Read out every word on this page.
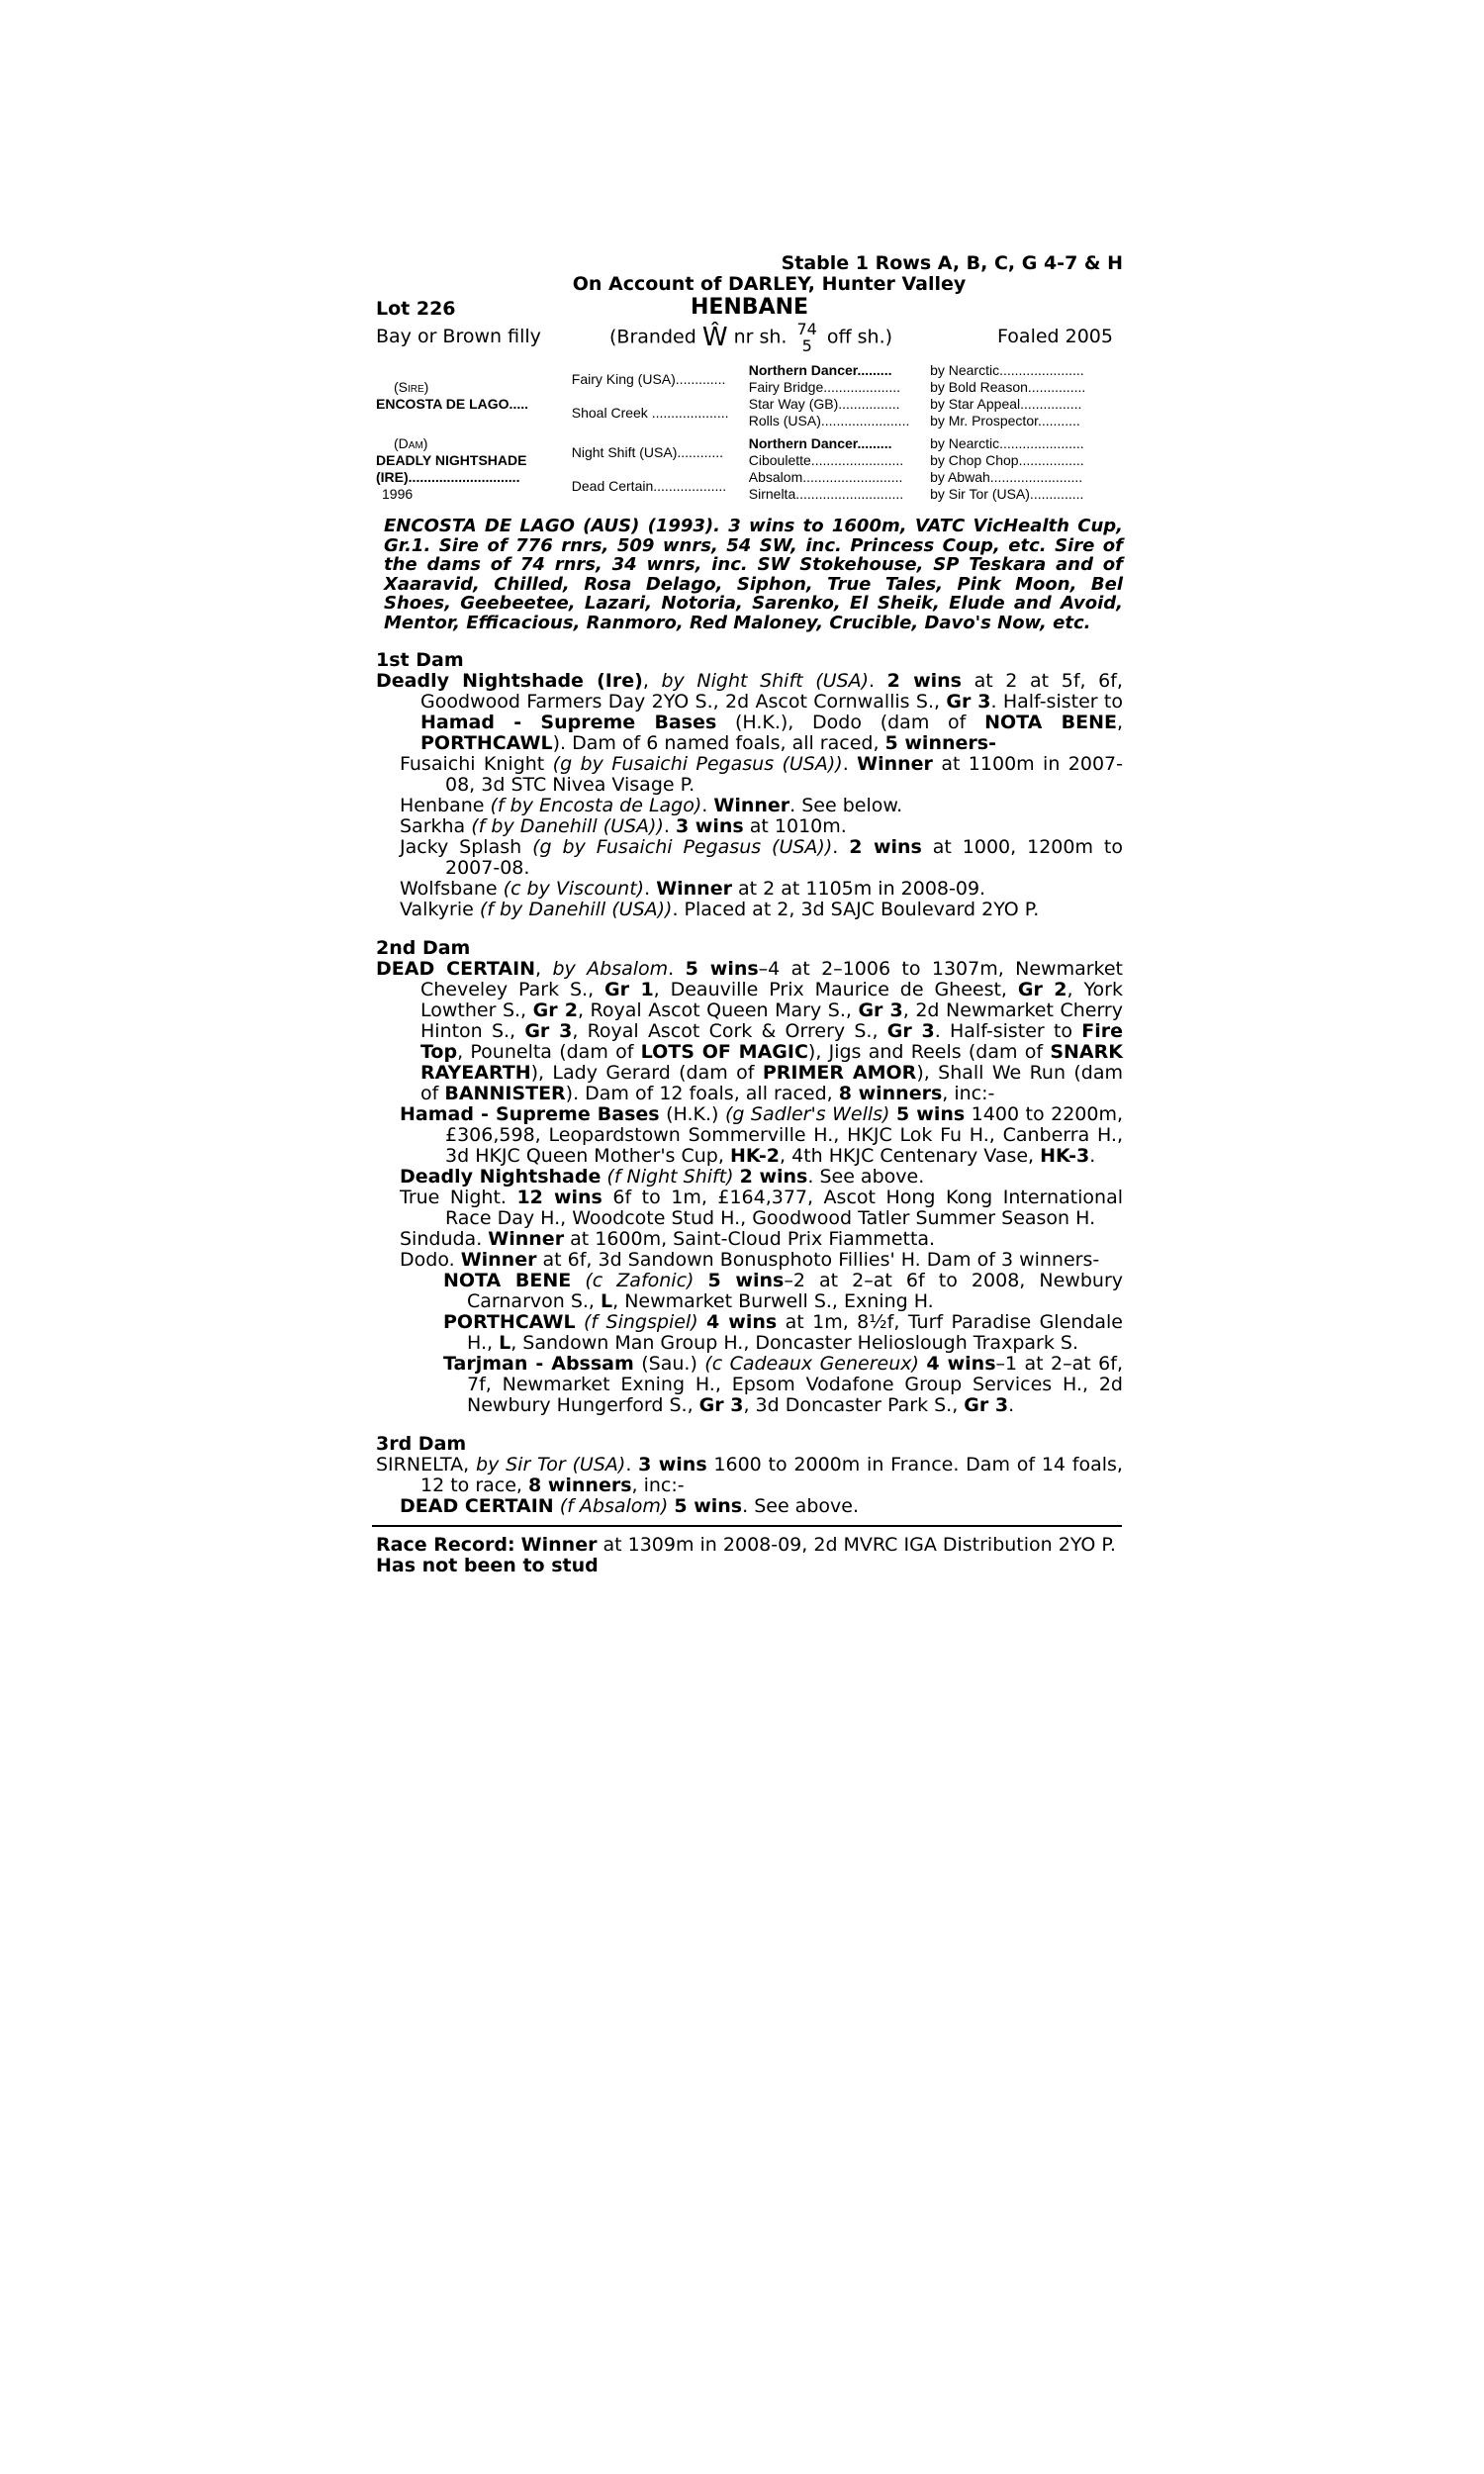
Stable 1 Rows A, B, C, G 4-7 & H
On Account of DARLEY, Hunter Valley
Lot 226	HENBANE
Bay or Brown filly	(Branded Ŵ nr sh. 74
5 off sh.)	Foaled 2005
(Sire)
ENCOSTA DE LAGO.....	Fairy King (USA).............	Northern Dancer.........	by Nearctic......................
		Fairy Bridge....................	by Bold Reason...............
	Shoal Creek ....................	Star Way (GB)................	by Star Appeal................
		Rolls (USA).......................	by Mr. Prospector...........

(Dam)
DEADLY NIGHTSHADE
(IRE).............................
1996	Night Shift (USA)............	Northern Dancer.........	by Nearctic......................
		Ciboulette........................	by Chop Chop.................
	Dead Certain...................	Absalom..........................	by Abwah........................
		Sirnelta............................	by Sir Tor (USA)..............
ENCOSTA DE LAGO (AUS) (1993). 3 wins to 1600m, VATC VicHealth Cup, Gr.1. Sire of 776 rnrs, 509 wnrs, 54 SW, inc. Princess Coup, etc. Sire of the dams of 74 rnrs, 34 wnrs, inc. SW Stokehouse, SP Teskara and of Xaaravid, Chilled, Rosa Delago, Siphon, True Tales, Pink Moon, Bel Shoes, Geebeetee, Lazari, Notoria, Sarenko, El Sheik, Elude and Avoid, Mentor, Efficacious, Ranmoro, Red Maloney, Crucible, Davo's Now, etc.
1st Dam
Deadly Nightshade (Ire), by Night Shift (USA). 2 wins at 2 at 5f, 6f, Goodwood Farmers Day 2YO S., 2d Ascot Cornwallis S., Gr 3. Half-sister to Hamad - Supreme Bases (H.K.), Dodo (dam of NOTA BENE, PORTHCAWL). Dam of 6 named foals, all raced, 5 winners-
Fusaichi Knight (g by Fusaichi Pegasus (USA)). Winner at 1100m in 2007-08, 3d STC Nivea Visage P.
Henbane (f by Encosta de Lago). Winner. See below.
Sarkha (f by Danehill (USA)). 3 wins at 1010m.
Jacky Splash (g by Fusaichi Pegasus (USA)). 2 wins at 1000, 1200m to 2007-08.
Wolfsbane (c by Viscount). Winner at 2 at 1105m in 2008-09.
Valkyrie (f by Danehill (USA)). Placed at 2, 3d SAJC Boulevard 2YO P.
2nd Dam
DEAD CERTAIN, by Absalom. 5 wins–4 at 2–1006 to 1307m, Newmarket Cheveley Park S., Gr 1, Deauville Prix Maurice de Gheest, Gr 2, York Lowther S., Gr 2, Royal Ascot Queen Mary S., Gr 3, 2d Newmarket Cherry Hinton S., Gr 3, Royal Ascot Cork & Orrery S., Gr 3. Half-sister to Fire Top, Pounelta (dam of LOTS OF MAGIC), Jigs and Reels (dam of SNARK RAYEARTH), Lady Gerard (dam of PRIMER AMOR), Shall We Run (dam of BANNISTER). Dam of 12 foals, all raced, 8 winners, inc:-
Hamad - Supreme Bases (H.K.) (g Sadler's Wells) 5 wins 1400 to 2200m, £306,598, Leopardstown Sommerville H., HKJC Lok Fu H., Canberra H., 3d HKJC Queen Mother's Cup, HK-2, 4th HKJC Centenary Vase, HK-3.
Deadly Nightshade (f Night Shift) 2 wins. See above.
True Night. 12 wins 6f to 1m, £164,377, Ascot Hong Kong International Race Day H., Woodcote Stud H., Goodwood Tatler Summer Season H.
Sinduda. Winner at 1600m, Saint-Cloud Prix Fiammetta.
Dodo. Winner at 6f, 3d Sandown Bonusphoto Fillies' H. Dam of 3 winners-
NOTA BENE (c Zafonic) 5 wins–2 at 2–at 6f to 2008, Newbury Carnarvon S., L, Newmarket Burwell S., Exning H.
PORTHCAWL (f Singspiel) 4 wins at 1m, 8½f, Turf Paradise Glendale H., L, Sandown Man Group H., Doncaster Helioslough Traxpark S.
Tarjman - Abssam (Sau.) (c Cadeaux Genereux) 4 wins–1 at 2–at 6f, 7f, Newmarket Exning H., Epsom Vodafone Group Services H., 2d Newbury Hungerford S., Gr 3, 3d Doncaster Park S., Gr 3.
3rd Dam
SIRNELTA, by Sir Tor (USA). 3 wins 1600 to 2000m in France. Dam of 14 foals, 12 to race, 8 winners, inc:-
DEAD CERTAIN (f Absalom) 5 wins. See above.
Race Record: Winner at 1309m in 2008-09, 2d MVRC IGA Distribution 2YO P.
Has not been to stud
